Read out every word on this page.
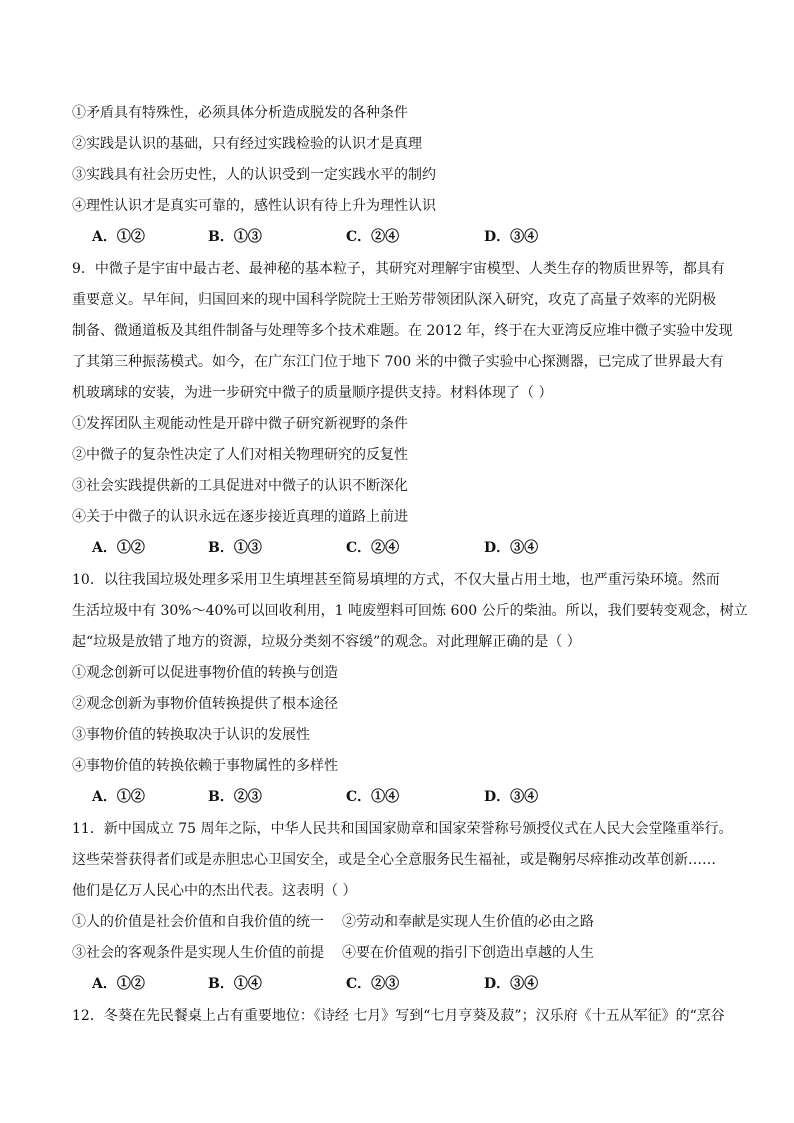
①矛盾具有特殊性，必须具体分析造成脱发的各种条件
②实践是认识的基础，只有经过实践检验的认识才是真理
③实践具有社会历史性，人的认识受到一定实践水平的制约
④理性认识才是真实可靠的，感性认识有待上升为理性认识
A．①②	B．①③	C．②④	D．③④
9．中微子是宇宙中最古老、最神秘的基本粒子，其研究对理解宇宙模型、人类生存的物质世界等，都具有
重要意义。早年间，归国回来的现中国科学院院士王贻芳带领团队深入研究，攻克了高量子效率的光阴极
制备、微通道板及其组件制备与处理等多个技术难题。在 2012 年，终于在大亚湾反应堆中微子实验中发现
了其第三种振荡模式。如今，在广东江门位于地下 700 米的中微子实验中心探测器，已完成了世界最大有
机玻璃球的安装，为进一步研究中微子的质量顺序提供支持。材料体现了（ ）
①发挥团队主观能动性是开辟中微子研究新视野的条件
②中微子的复杂性决定了人们对相关物理研究的反复性
③社会实践提供新的工具促进对中微子的认识不断深化
④关于中微子的认识永远在逐步接近真理的道路上前进
A．①②	B．①③	C．②④	D．③④
10．以往我国垃圾处理多采用卫生填埋甚至简易填埋的方式，不仅大量占用土地，也严重污染环境。然而
生活垃圾中有 30%～40%可以回收利用，1 吨废塑料可回炼 600 公斤的柴油。所以，我们要转变观念，树立
起“垃圾是放错了地方的资源，垃圾分类刻不容缓”的观念。对此理解正确的是（ ）
①观念创新可以促进事物价值的转换与创造
②观念创新为事物价值转换提供了根本途径
③事物价值的转换取决于认识的发展性
④事物价值的转换依赖于事物属性的多样性
A．①②	B．②③	C．①④	D．③④
11．新中国成立 75 周年之际，中华人民共和国国家勋章和国家荣誉称号颁授仪式在人民大会堂隆重举行。
这些荣誉获得者们或是赤胆忠心卫国安全，或是全心全意服务民生福祉，或是鞠躬尽瘁推动改革创新……
他们是亿万人民心中的杰出代表。这表明（ ）
①人的价值是社会价值和自我价值的统一 ②劳动和奉献是实现人生价值的必由之路
③社会的客观条件是实现人生价值的前提 ④要在价值观的指引下创造出卓越的人生
A．①②	B．①④	C．②③	D．③④
12．冬葵在先民餐桌上占有重要地位：《诗经 七月》写到“七月亨葵及菽”；汉乐府《十五从军征》的“烹谷
